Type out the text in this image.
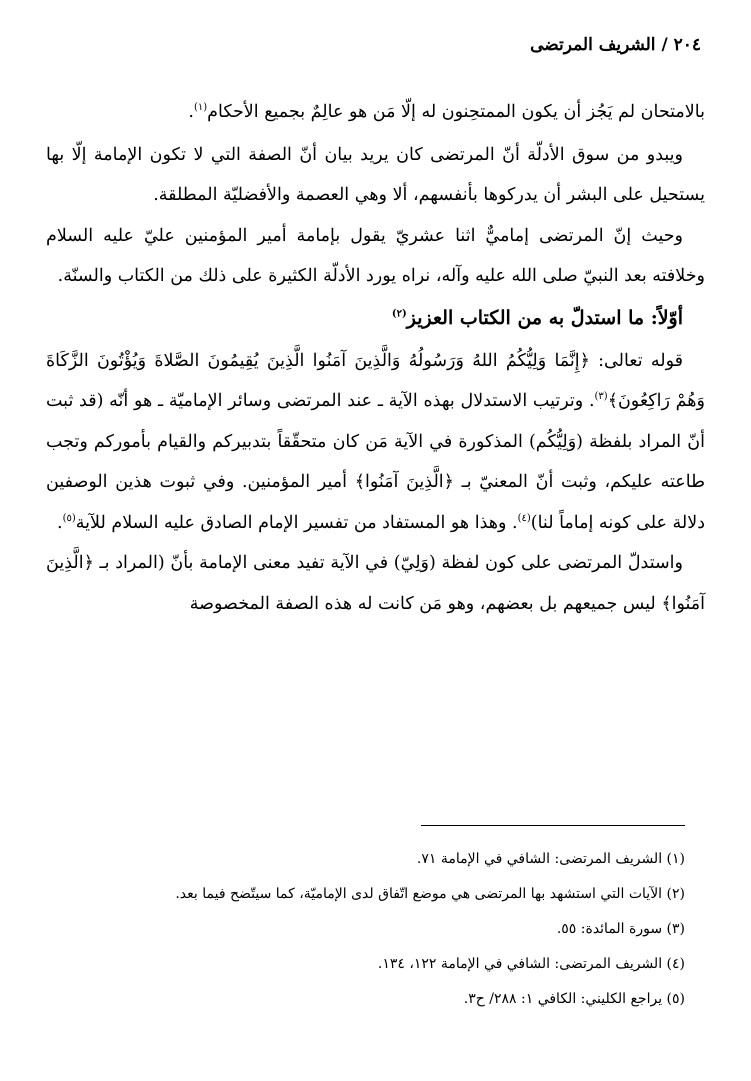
٢٠٤ / الشريف المرتضى

بالامتحان لم يَجُز أن يكون الممتحِنون له إلّا مَن هو عالِمٌ بجميع الأحكام$^{(١)}$.

ويبدو من سوق الأدلّة أنّ المرتضى كان يريد بيان أنّ الصفة التي لا تكون الإمامة إلّا بها يستحيل على البشر أن يدركوها بأنفسهم، ألا وهي العصمة والأفضليّة المطلقة.

وحيث إنّ المرتضى إماميٌّ اثنا عشريّ يقول بإمامة أمير المؤمنين عليّ عليه السلام وخلافته بعد النبيّ صلى الله عليه وآله، نراه يورد الأدلّة الكثيرة على ذلك من الكتاب والسنّة.

أوّلاً: ما استدلّ به من الكتاب العزيز$^{(٢)}$

قوله تعالى: ﴿إِنَّمَا وَلِيُّكُمُ اللهُ وَرَسُولُهُ وَالَّذِينَ آمَنُوا الَّذِينَ يُقِيمُونَ الصَّلاةَ وَيُؤْتُونَ الزَّكَاةَ وَهُمْ رَاكِعُونَ﴾$^{(٣)}$. وترتيب الاستدلال بهذه الآية ـ عند المرتضى وسائر الإماميّة ـ هو أنّه (قد ثبت أنّ المراد بلفظة (وَلِيُّكُم) المذكورة في الآية مَن كان متحقّقاً بتدبيركم والقيام بأموركم وتجب طاعته عليكم، وثبت أنّ المعنيّ بـ ﴿الَّذِينَ آمَنُوا﴾ أمير المؤمنين. وفي ثبوت هذين الوصفين دلالة على كونه إماماً لنا)$^{(٤)}$. وهذا هو المستفاد من تفسير الإمام الصادق عليه السلام للآية$^{(٥)}$.

واستدلّ المرتضى على كون لفظة (وَلِيّ) في الآية تفيد معنى الإمامة بأنّ (المراد بـ ﴿الَّذِينَ آمَنُوا﴾ ليس جميعهم بل بعضهم، وهو مَن كانت له هذه الصفة المخصوصة

(١) الشريف المرتضى: الشافي في الإمامة ٧١.
(٢) الآيات التي استشهد بها المرتضى هي موضع اتّفاق لدى الإماميّة، كما سيتّضح فيما بعد.
(٣) سورة المائدة: ٥٥.
(٤) الشريف المرتضى: الشافي في الإمامة ١٢٢، ١٣٤.
(٥) يراجع الكليني: الكافي ١: ٢٨٨/ ح٣.
